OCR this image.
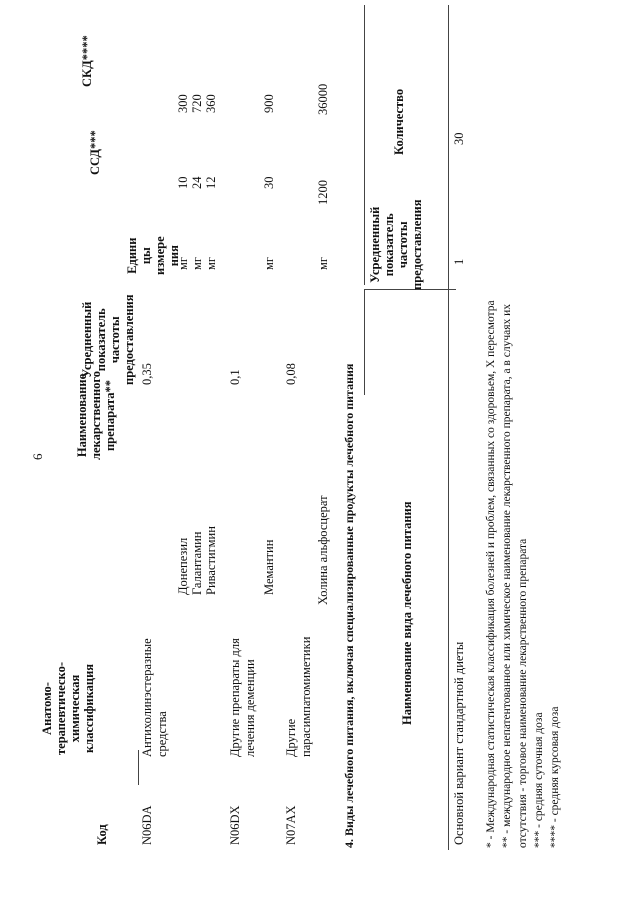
6
Код
Анатомо- терапевтическо- химическая классификация
Наименование лекарственного препарата**
Усредненный показатель частоты предоставления
Едини цы измере ния
ССД***
СКД****
N06DA
Антихолинэстеразные средства
0,35
Донепезил Галантамин Ривастигмин
мг мг мг
10 24 12
300 720 360
N06DX
Другие препараты для лечения деменции
0,1
Мемантин
мг
30
900
N07AX
Другие парасимпатомиметики
0,08
Холина альфосцерат
мг
1200
36000
4. Виды лечебного питания, включая специализированные продукты лечебного питания	Наименование вида лечебного питания
Усредненный показатель частоты предоставления
Количество
Основной вариант стандартной диеты
1
30
* - Международная статистическая классификация болезней и проблем, связанных со здоровьем, X пересмотра ** - международное непатентованное или химическое наименование лекарственного препарата, а в случаях их отсутствия - торговое наименование лекарственного препарата *** - средняя суточная доза **** - средняя курсовая доза
